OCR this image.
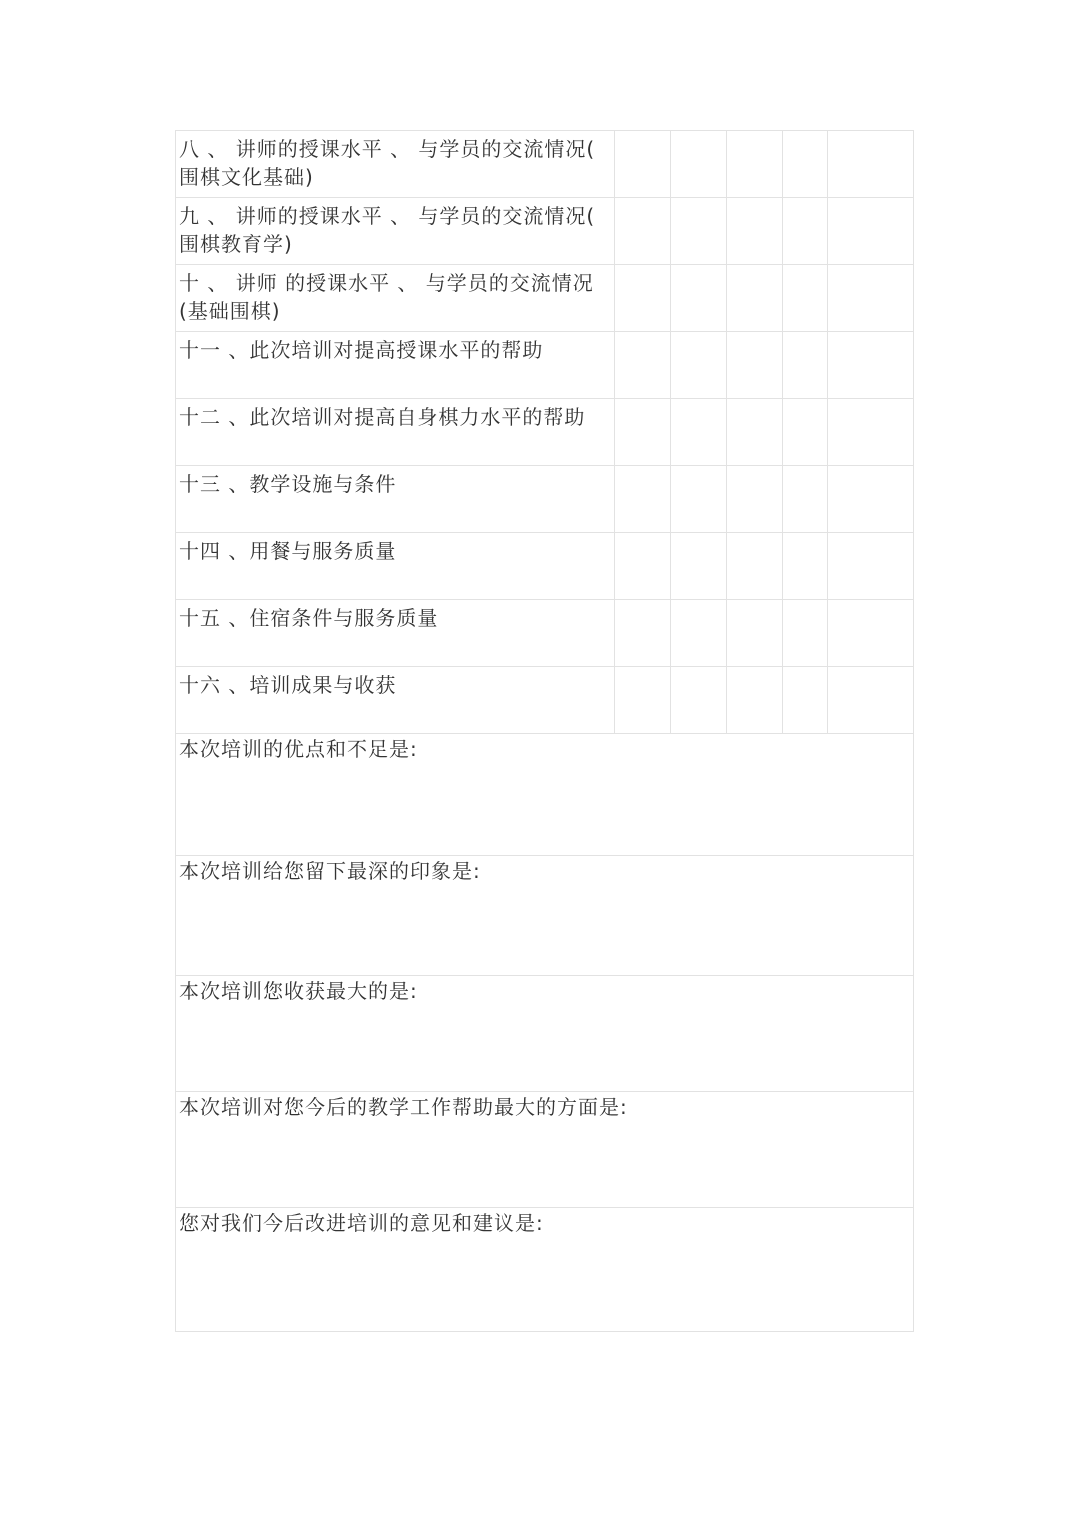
八 、 讲师的授课水平 、 与学员的交流情况( 围棋文化基础)					
九 、 讲师的授课水平 、 与学员的交流情况( 围棋教育学)					
十 、 讲师 的授课水平 、 与学员的交流情况(基础围棋)					
十一 、此次培训对提高授课水平的帮助					
十二 、此次培训对提高自身棋力水平的帮助					
十三 、教学设施与条件					
十四 、用餐与服务质量					
十五 、住宿条件与服务质量					
十六 、培训成果与收获					
本次培训的优点和不足是:					
本次培训给您留下最深的印象是:					
本次培训您收获最大的是:					
本次培训对您今后的教学工作帮助最大的方面是:					
您对我们今后改进培训的意见和建议是:					
